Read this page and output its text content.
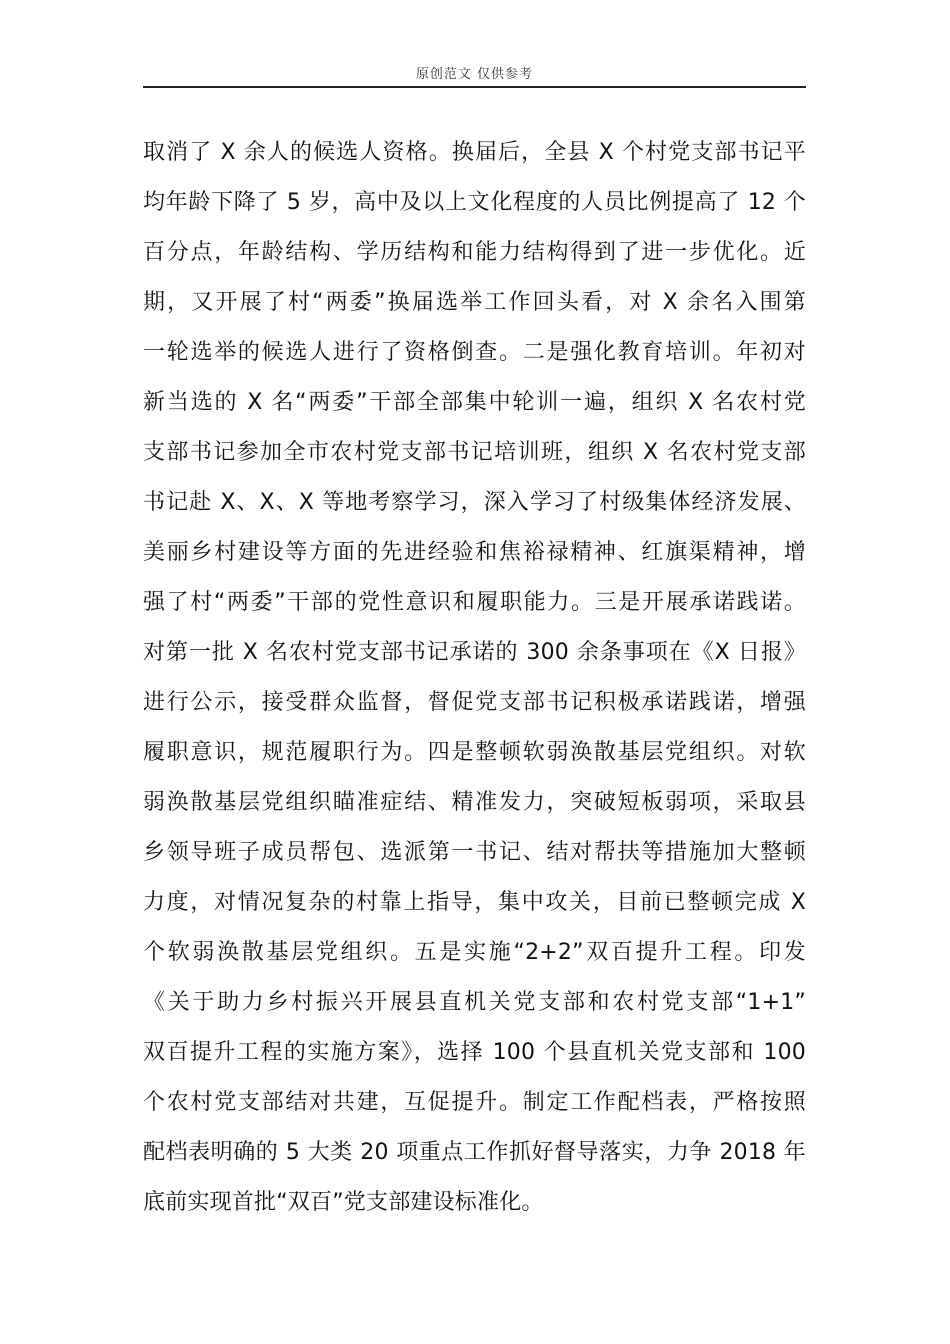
原创范文 仅供参考
取消了 X 余人的候选人资格。换届后，全县 X 个村党支部书记平
均年龄下降了 5 岁，高中及以上文化程度的人员比例提高了 12 个
百分点，年龄结构、学历结构和能力结构得到了进一步优化。近
期，又开展了村“两委”换届选举工作回头看，对 X 余名入围第
一轮选举的候选人进行了资格倒查。二是强化教育培训。年初对
新当选的 X 名“两委”干部全部集中轮训一遍，组织 X 名农村党
支部书记参加全市农村党支部书记培训班，组织 X 名农村党支部
书记赴 X、X、X 等地考察学习，深入学习了村级集体经济发展、
美丽乡村建设等方面的先进经验和焦裕禄精神、红旗渠精神，增
强了村“两委”干部的党性意识和履职能力。三是开展承诺践诺。
对第一批 X 名农村党支部书记承诺的 300 余条事项在《X 日报》
进行公示，接受群众监督，督促党支部书记积极承诺践诺，增强
履职意识，规范履职行为。四是整顿软弱涣散基层党组织。对软
弱涣散基层党组织瞄准症结、精准发力，突破短板弱项，采取县
乡领导班子成员帮包、选派第一书记、结对帮扶等措施加大整顿
力度，对情况复杂的村靠上指导，集中攻关，目前已整顿完成 X
个软弱涣散基层党组织。五是实施“2+2”双百提升工程。印发
《关于助力乡村振兴开展县直机关党支部和农村党支部“1+1”
双百提升工程的实施方案》，选择 100 个县直机关党支部和 100
个农村党支部结对共建，互促提升。制定工作配档表，严格按照
配档表明确的 5 大类 20 项重点工作抓好督导落实，力争 2018 年
底前实现首批“双百”党支部建设标准化。
